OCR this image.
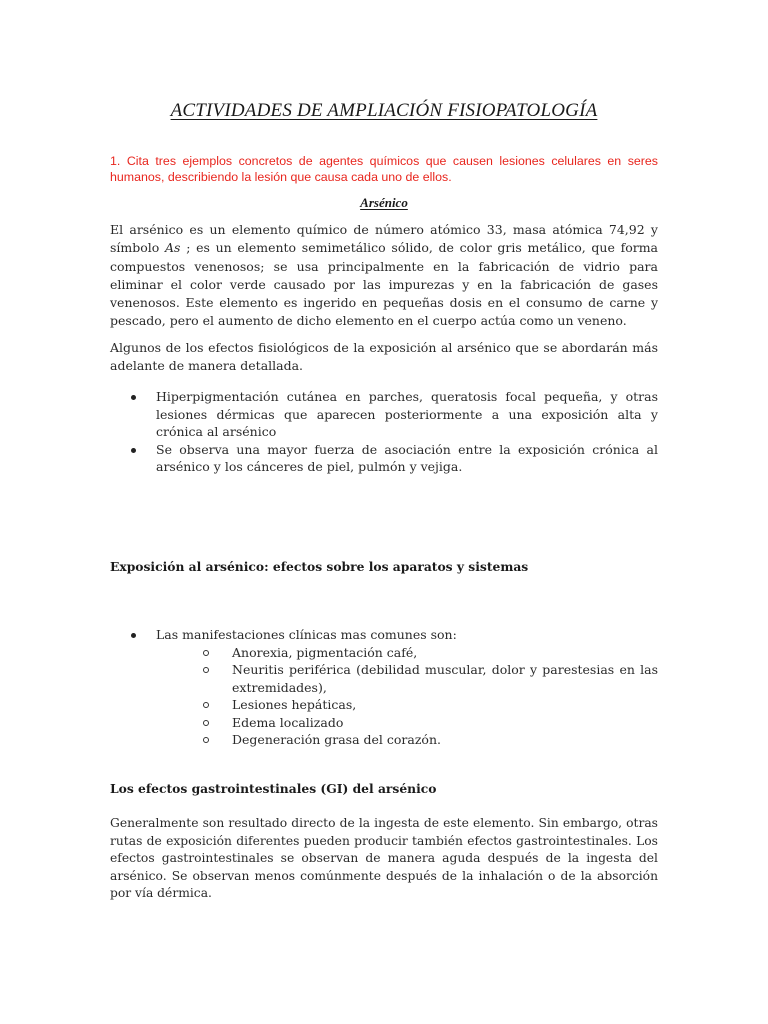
ACTIVIDADES DE AMPLIACIÓN FISIOPATOLOGÍA
1. Cita tres ejemplos concretos de agentes químicos que causen lesiones celulares en seres humanos, describiendo la lesión que causa cada uno de ellos.
Arsénico
El arsénico es un elemento químico de número atómico 33, masa atómica 74,92 y símbolo As ; es un elemento semimetálico sólido, de color gris metálico, que forma compuestos venenosos; se usa principalmente en la fabricación de vidrio para eliminar el color verde causado por las impurezas y en la fabricación de gases venenosos. Este elemento es ingerido en pequeñas dosis en el consumo de carne y pescado, pero el aumento de dicho elemento en el cuerpo actúa como un veneno.
Algunos de los efectos fisiológicos de la exposición al arsénico que se abordarán más adelante de manera detallada.
Hiperpigmentación cutánea en parches, queratosis focal pequeña, y otras lesiones dérmicas que aparecen posteriormente a una exposición alta y crónica al arsénico
Se observa una mayor fuerza de asociación entre la exposición crónica al arsénico y los cánceres de piel, pulmón y vejiga.
Exposición al arsénico: efectos sobre los aparatos y sistemas
Las manifestaciones clínicas mas comunes son:
Anorexia, pigmentación café,
Neuritis periférica (debilidad muscular, dolor y parestesias en las extremidades),
Lesiones hepáticas,
Edema localizado
Degeneración grasa del corazón.
Los efectos gastrointestinales (GI) del arsénico
Generalmente son resultado directo de la ingesta de este elemento. Sin embargo, otras rutas de exposición diferentes pueden producir también efectos gastrointestinales. Los efectos gastrointestinales se observan de manera aguda después de la ingesta del arsénico. Se observan menos comúnmente después de la inhalación o de la absorción por vía dérmica.
